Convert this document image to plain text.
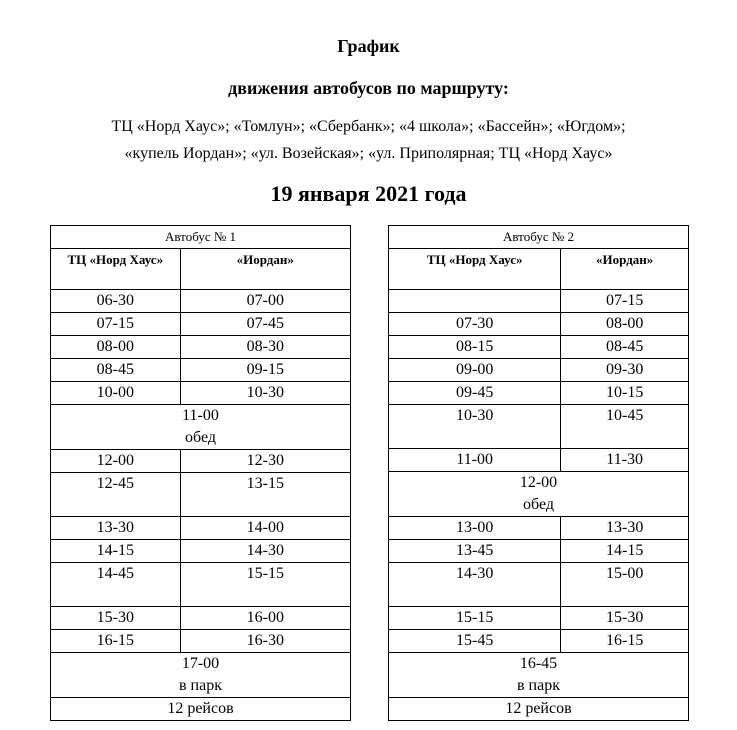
График
движения автобусов по маршруту:
ТЦ «Норд Хаус»; «Томлун»; «Сбербанк»; «4 школа»; «Бассейн»; «Югдом»;
«купель Иордан»; «ул. Возейская»; «ул. Приполярная; ТЦ «Норд Хаус»
19 января 2021 года
Автобус № 1	
ТЦ «Норд Хаус»	«Иордан»
06-30	07-00
07-15	07-45
08-00	08-30
08-45	09-15
10-00	10-30

11-00
обед	

12-00	12-30
12-45	13-15
13-30	14-00
14-15	14-30
14-45	15-15
15-30	16-00
16-15	16-30

17-00
в парк	

12 рейсов	
Автобус № 2	
ТЦ «Норд Хаус»	«Иордан»
	07-15
07-30	08-00
08-15	08-45
09-00	09-30
09-45	10-15
10-30	10-45
11-00	11-30

12-00
обед	

13-00	13-30
13-45	14-15
14-30	15-00
15-15	15-30
15-45	16-15

16-45
в парк	

12 рейсов	
